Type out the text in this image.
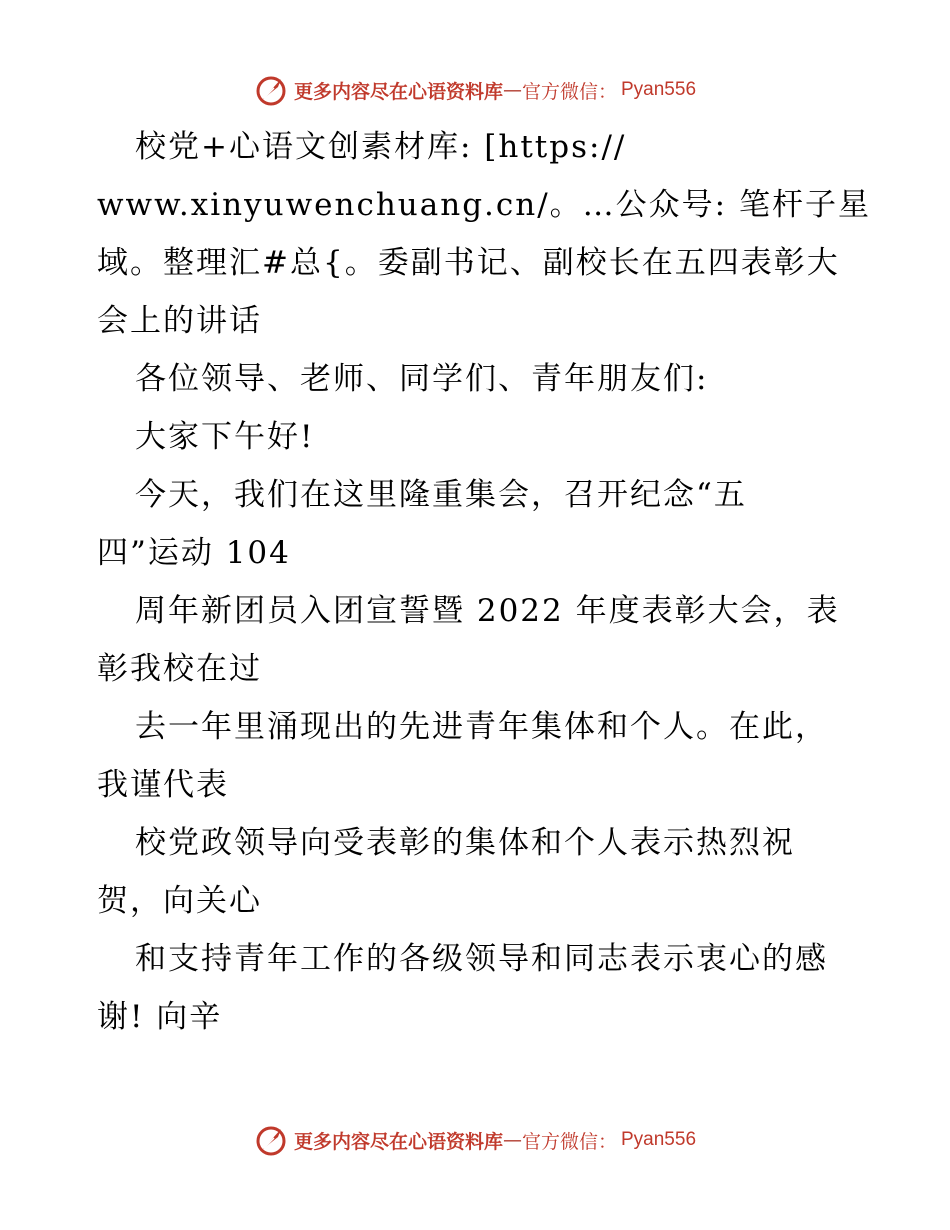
更多内容尽在心语资料库 — 官方微信： Pyan556
校党+心语文创素材库: [https://
www.xinyuwenchuang.cn/。…公众号: 笔杆子星
域。整理汇#总{。委副书记、副校长在五四表彰大
会上的讲话
各位领导、老师、同学们、青年朋友们:
大家下午好!
今天，我们在这里隆重集会，召开纪念“五
四”运动 104
周年新团员入团宣誓暨 2022 年度表彰大会，表
彰我校在过
去一年里涌现出的先进青年集体和个人。在此，
我谨代表
校党政领导向受表彰的集体和个人表示热烈祝
贺，向关心
和支持青年工作的各级领导和同志表示衷心的感
谢! 向辛
更多内容尽在心语资料库 — 官方微信： Pyan556
